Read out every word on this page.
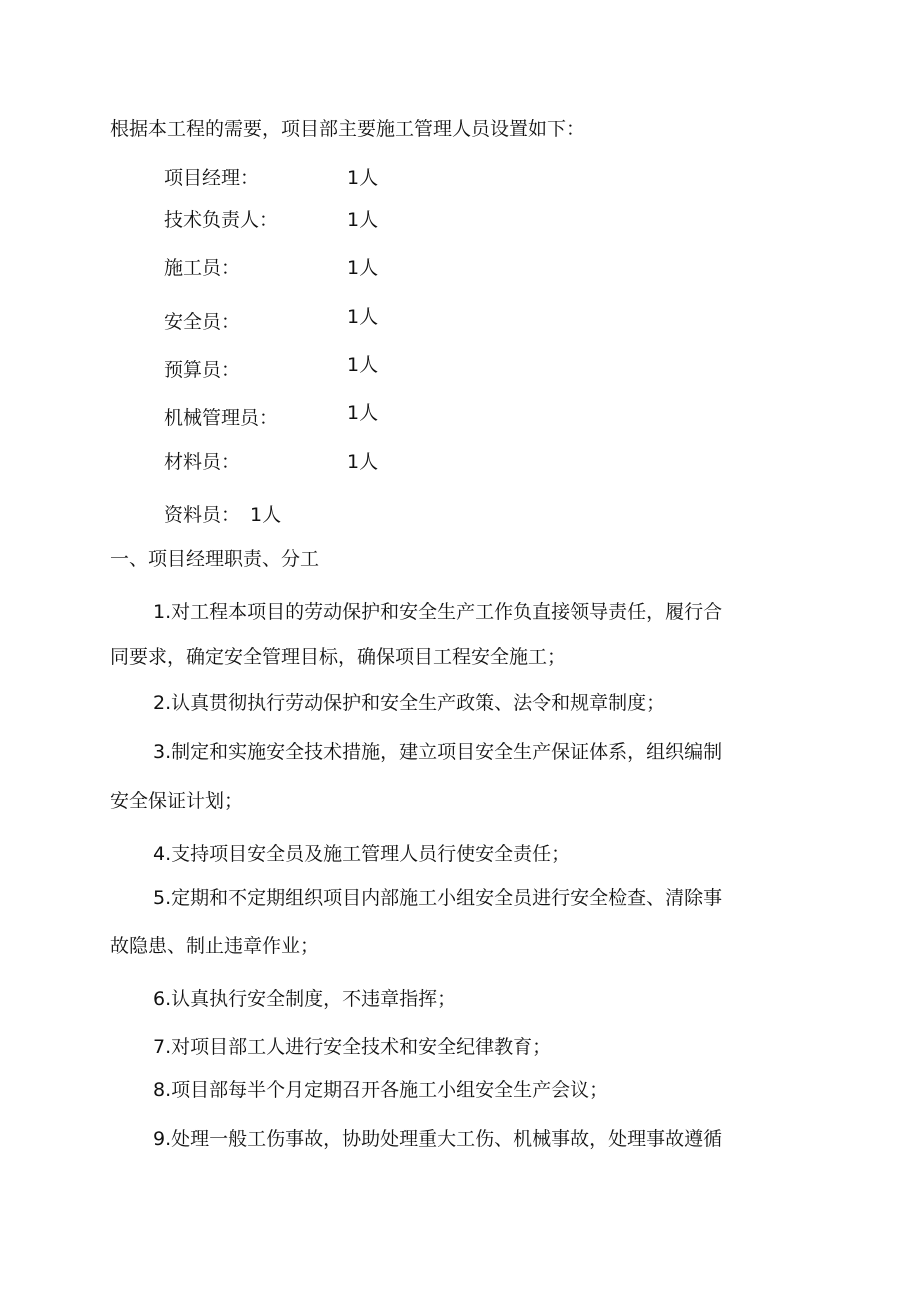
根据本工程的需要，项目部主要施工管理人员设置如下：
项目经理：	1人
技术负责人：	1人
施工员：	1人
安全员：	1人
预算员：	1人
机械管理员：	1人
材料员：	1人
资料员： 1人
一、项目经理职责、分工
1.对工程本项目的劳动保护和安全生产工作负直接领导责任，履行合
同要求，确定安全管理目标，确保项目工程安全施工；
2.认真贯彻执行劳动保护和安全生产政策、法令和规章制度；
3.制定和实施安全技术措施，建立项目安全生产保证体系，组织编制
安全保证计划；
4.支持项目安全员及施工管理人员行使安全责任；
5.定期和不定期组织项目内部施工小组安全员进行安全检查、清除事
故隐患、制止违章作业；
6.认真执行安全制度，不违章指挥；
7.对项目部工人进行安全技术和安全纪律教育；
8.项目部每半个月定期召开各施工小组安全生产会议；
9.处理一般工伤事故，协助处理重大工伤、机械事故，处理事故遵循
